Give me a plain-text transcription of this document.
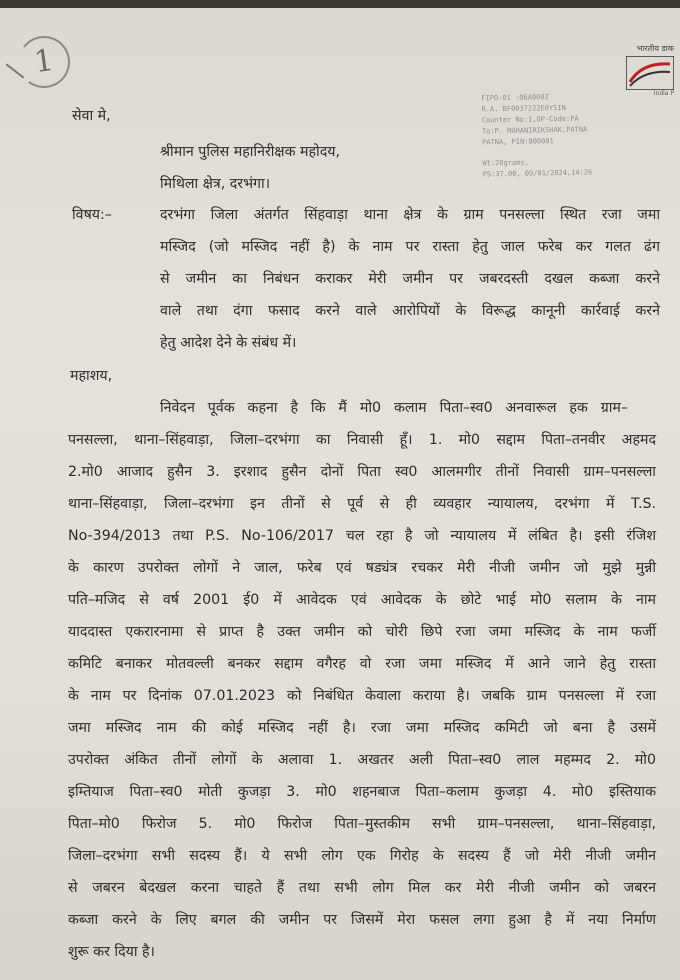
1	भारतीय डाक
India P
FIPO-01 :06A0002
R.A. BF0037222E0YSIN
Counter No:1,OP-Code:PA
To:P. MAHANIRIKSHAK,PATNA
PATNA, PIN:800001
Wt:20grams,
PS:37.00, 09/01/2024,14:26
सेवा मे,
श्रीमान पुलिस महानिरीक्षक महोदय,
मिथिला क्षेत्र, दरभंगा।
विषय:–	दरभंगा जिला अंतर्गत सिंहवाड़ा थाना क्षेत्र के ग्राम पनसल्ला स्थित रजा जमा
मस्जिद (जो मस्जिद नहीं है) के नाम पर रास्ता हेतु जाल फरेब कर गलत ढंग
से जमीन का निबंधन कराकर मेरी जमीन पर जबरदस्ती दखल कब्जा करने
वाले तथा दंगा फसाद करने वाले आरोपियों के विरूद्ध कानूनी कार्रवाई करने
हेतु आदेश देने के संबंध में।
महाशय,
निवेदन पूर्वक कहना है कि मैं मो0 कलाम पिता–स्व0 अनवारूल हक ग्राम–
पनसल्ला, थाना–सिंहवाड़ा, जिला–दरभंगा का निवासी हूँ। 1. मो0 सद्दाम पिता–तनवीर अहमद
2.मो0 आजाद हुसैन 3. इरशाद हुसैन दोनों पिता स्व0 आलमगीर तीनों निवासी ग्राम–पनसल्ला
थाना–सिंहवाड़ा, जिला–दरभंगा इन तीनों से पूर्व से ही व्यवहार न्यायालय, दरभंगा में T.S.
No-394/2013 तथा P.S. No-106/2017 चल रहा है जो न्यायालय में लंबित है। इसी रंजिश
के कारण उपरोक्त लोगों ने जाल, फरेब एवं षड्यंत्र रचकर मेरी नीजी जमीन जो मुझे मुन्नी
पति–मजिद से वर्ष 2001 ई0 में आवेदक एवं आवेदक के छोटे भाई मो0 सलाम के नाम
याददास्त एकरारनामा से प्राप्त है उक्त जमीन को चोरी छिपे रजा जमा मस्जिद के नाम फर्जी
कमिटि बनाकर मोतवल्ली बनकर सद्दाम वगैरह वो रजा जमा मस्जिद में आने जाने हेतु रास्ता
के नाम पर दिनांक 07.01.2023 को निबंधित केवाला कराया है। जबकि ग्राम पनसल्ला में रजा
जमा मस्जिद नाम की कोई मस्जिद नहीं है। रजा जमा मस्जिद कमिटी जो बना है उसमें
उपरोक्त अंकित तीनों लोगों के अलावा 1. अखतर अली पिता–स्व0 लाल महम्मद 2. मो0
इम्तियाज पिता–स्व0 मोती कुजड़ा 3. मो0 शहनबाज पिता–कलाम कुजड़ा 4. मो0 इस्तियाक
पिता–मो0 फिरोज 5. मो0 फिरोज पिता–मुस्तकीम सभी ग्राम–पनसल्ला, थाना–सिंहवाड़ा,
जिला–दरभंगा सभी सदस्य हैं। ये सभी लोग एक गिरोह के सदस्य हैं जो मेरी नीजी जमीन
से जबरन बेदखल करना चाहते हैं तथा सभी लोग मिल कर मेरी नीजी जमीन को जबरन
कब्जा करने के लिए बगल की जमीन पर जिसमें मेरा फसल लगा हुआ है में नया निर्माण
शुरू कर दिया है।
